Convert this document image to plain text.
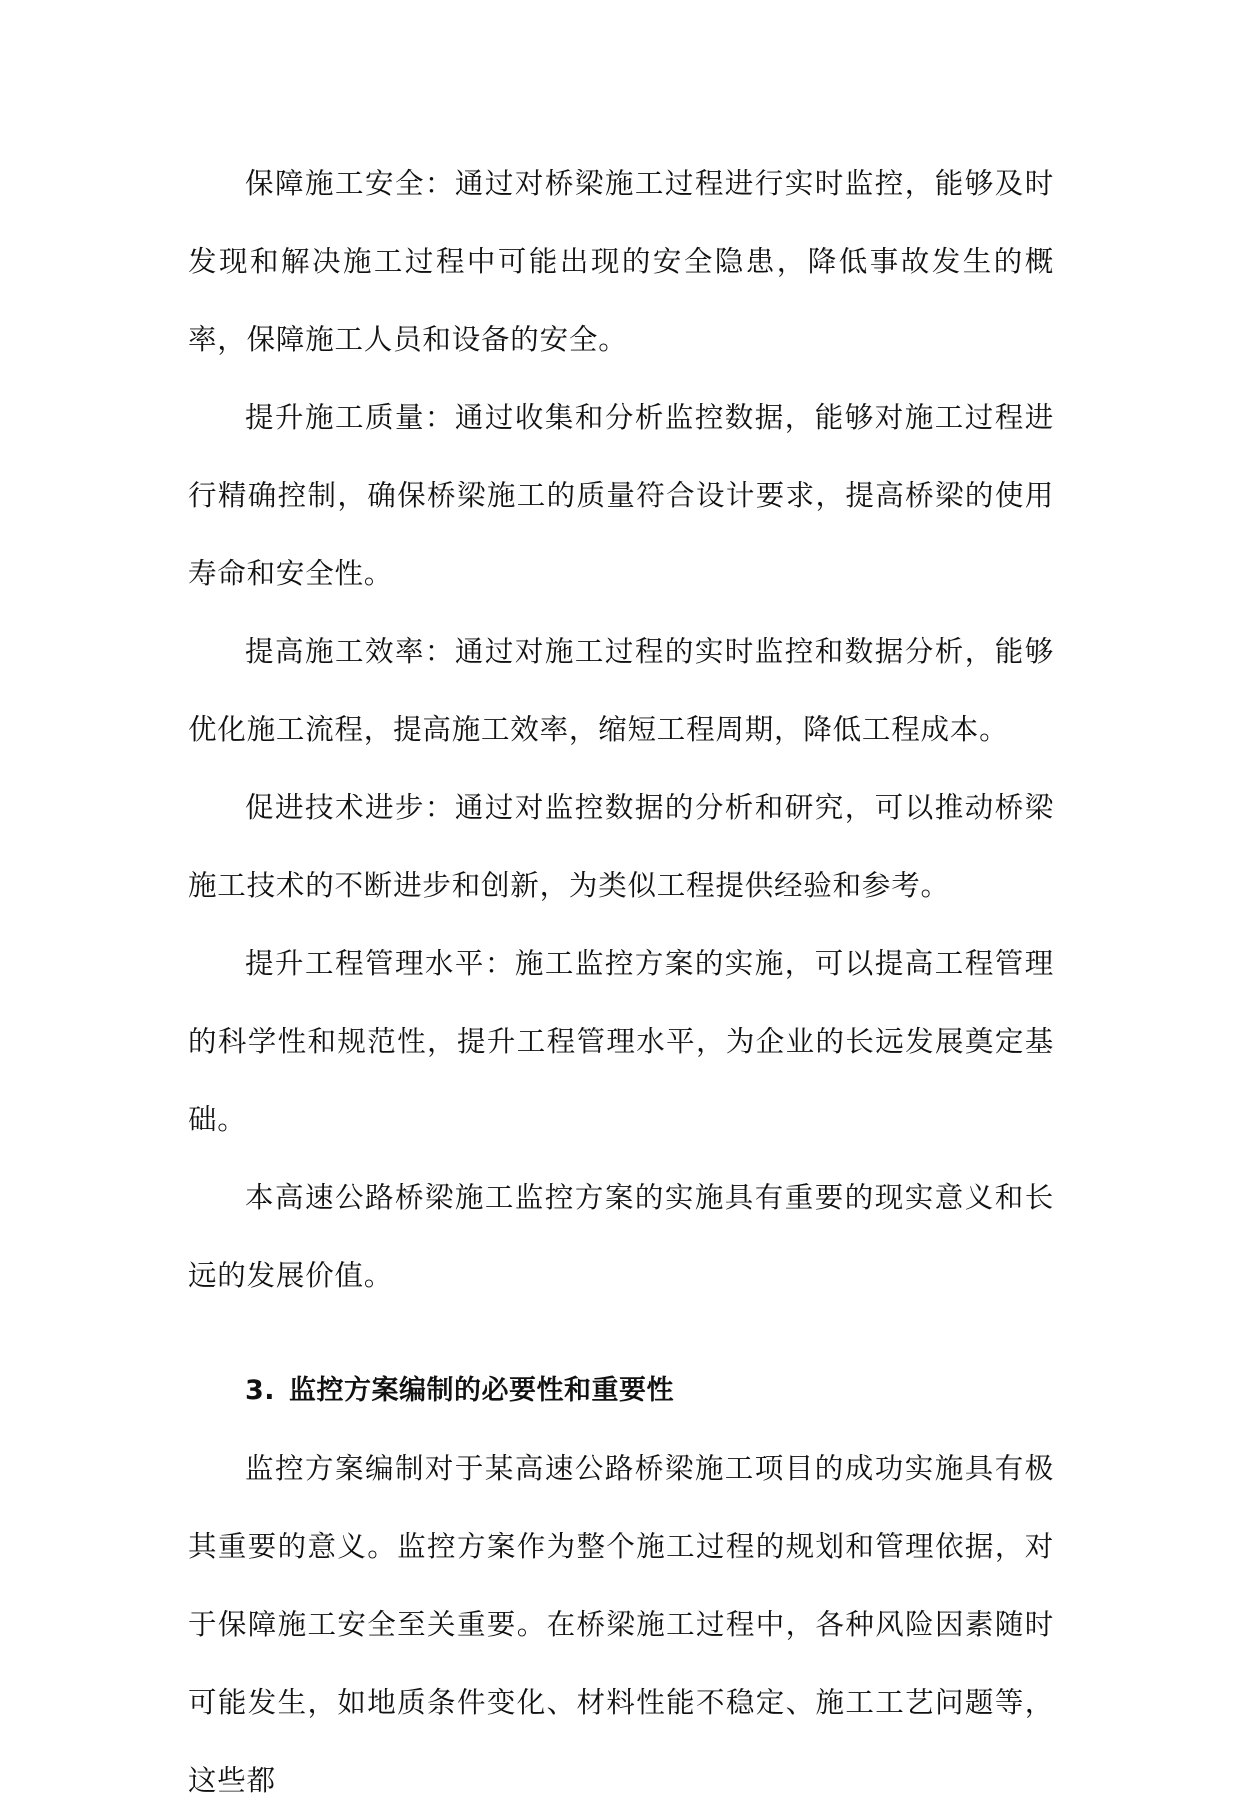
保障施工安全：通过对桥梁施工过程进行实时监控，能够及时发现和解决施工过程中可能出现的安全隐患，降低事故发生的概率，保障施工人员和设备的安全。

提升施工质量：通过收集和分析监控数据，能够对施工过程进行精确控制，确保桥梁施工的质量符合设计要求，提高桥梁的使用寿命和安全性。

提高施工效率：通过对施工过程的实时监控和数据分析，能够优化施工流程，提高施工效率，缩短工程周期，降低工程成本。

促进技术进步：通过对监控数据的分析和研究，可以推动桥梁施工技术的不断进步和创新，为类似工程提供经验和参考。

提升工程管理水平：施工监控方案的实施，可以提高工程管理的科学性和规范性，提升工程管理水平，为企业的长远发展奠定基础。

本高速公路桥梁施工监控方案的实施具有重要的现实意义和长远的发展价值。

3. 监控方案编制的必要性和重要性

监控方案编制对于某高速公路桥梁施工项目的成功实施具有极其重要的意义。监控方案作为整个施工过程的规划和管理依据，对于保障施工安全至关重要。在桥梁施工过程中，各种风险因素随时可能发生，如地质条件变化、材料性能不稳定、施工工艺问题等，这些都
